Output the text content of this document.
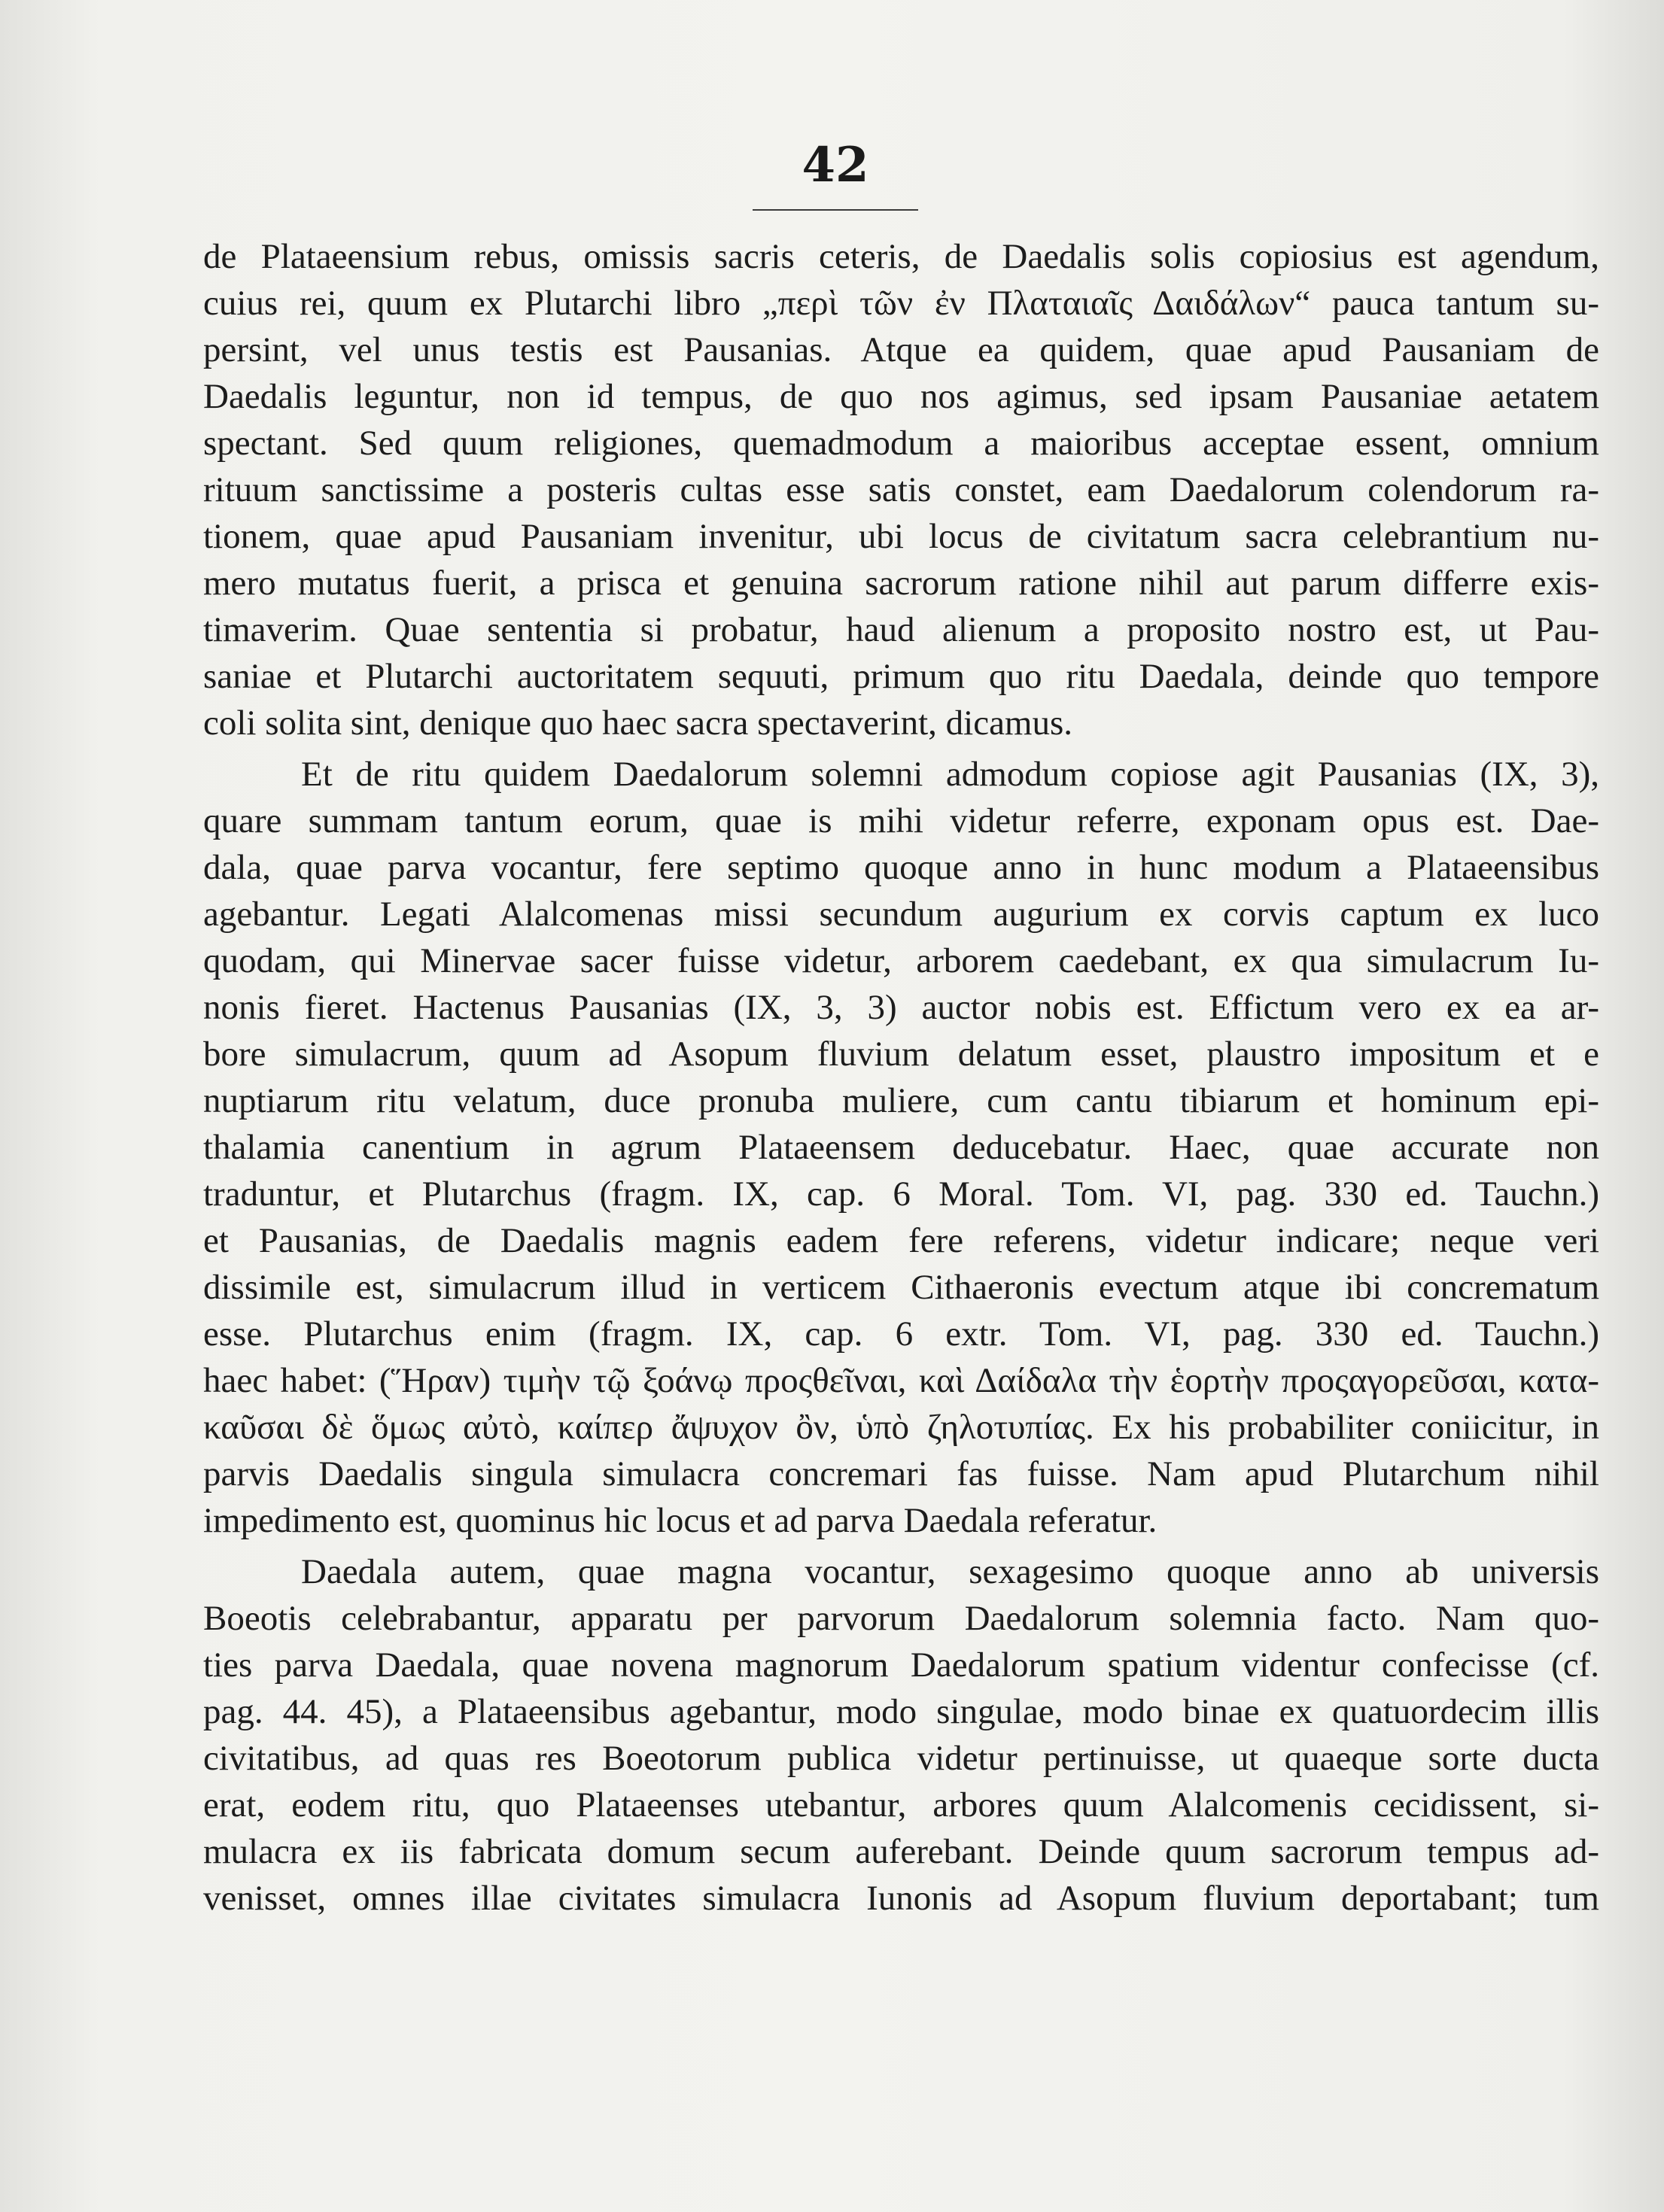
42
de Plataeensium rebus, omissis sacris ceteris, de Daedalis solis copiosius est agendum,
cuius rei, quum ex Plutarchi libro „περὶ τῶν ἐν Πλαταιαῖς Δαιδάλων“ pauca tantum su-
persint, vel unus testis est Pausanias. Atque ea quidem, quae apud Pausaniam de
Daedalis leguntur, non id tempus, de quo nos agimus, sed ipsam Pausaniae aetatem
spectant. Sed quum religiones, quemadmodum a maioribus acceptae essent, omnium
rituum sanctissime a posteris cultas esse satis constet, eam Daedalorum colendorum ra-
tionem, quae apud Pausaniam invenitur, ubi locus de civitatum sacra celebrantium nu-
mero mutatus fuerit, a prisca et genuina sacrorum ratione nihil aut parum differre exis-
timaverim. Quae sententia si probatur, haud alienum a proposito nostro est, ut Pau-
saniae et Plutarchi auctoritatem sequuti, primum quo ritu Daedala, deinde quo tempore
coli solita sint, denique quo haec sacra spectaverint, dicamus.
Et de ritu quidem Daedalorum solemni admodum copiose agit Pausanias (IX, 3),
quare summam tantum eorum, quae is mihi videtur referre, exponam opus est. Dae-
dala, quae parva vocantur, fere septimo quoque anno in hunc modum a Plataeensibus
agebantur. Legati Alalcomenas missi secundum augurium ex corvis captum ex luco
quodam, qui Minervae sacer fuisse videtur, arborem caedebant, ex qua simulacrum Iu-
nonis fieret. Hactenus Pausanias (IX, 3, 3) auctor nobis est. Effictum vero ex ea ar-
bore simulacrum, quum ad Asopum fluvium delatum esset, plaustro impositum et e
nuptiarum ritu velatum, duce pronuba muliere, cum cantu tibiarum et hominum epi-
thalamia canentium in agrum Plataeensem deducebatur. Haec, quae accurate non
traduntur, et Plutarchus (fragm. IX, cap. 6 Moral. Tom. VI, pag. 330 ed. Tauchn.)
et Pausanias, de Daedalis magnis eadem fere referens, videtur indicare; neque veri
dissimile est, simulacrum illud in verticem Cithaeronis evectum atque ibi concrematum
esse. Plutarchus enim (fragm. IX, cap. 6 extr. Tom. VI, pag. 330 ed. Tauchn.)
haec habet: (Ἥραν) τιμὴν τῷ ξοάνῳ προςθεῖναι, καὶ Δαίδαλα τὴν ἑορτὴν προςαγορεῦσαι, κατα-
καῦσαι δὲ ὅμως αὐτὸ, καίπερ ἄψυχον ὂν, ὑπὸ ζηλοτυπίας. Ex his probabiliter coniicitur, in
parvis Daedalis singula simulacra concremari fas fuisse. Nam apud Plutarchum nihil
impedimento est, quominus hic locus et ad parva Daedala referatur.
Daedala autem, quae magna vocantur, sexagesimo quoque anno ab universis
Boeotis celebrabantur, apparatu per parvorum Daedalorum solemnia facto. Nam quo-
ties parva Daedala, quae novena magnorum Daedalorum spatium videntur confecisse (cf.
pag. 44. 45), a Plataeensibus agebantur, modo singulae, modo binae ex quatuordecim illis
civitatibus, ad quas res Boeotorum publica videtur pertinuisse, ut quaeque sorte ducta
erat, eodem ritu, quo Plataeenses utebantur, arbores quum Alalcomenis cecidissent, si-
mulacra ex iis fabricata domum secum auferebant. Deinde quum sacrorum tempus ad-
venisset, omnes illae civitates simulacra Iunonis ad Asopum fluvium deportabant; tum
